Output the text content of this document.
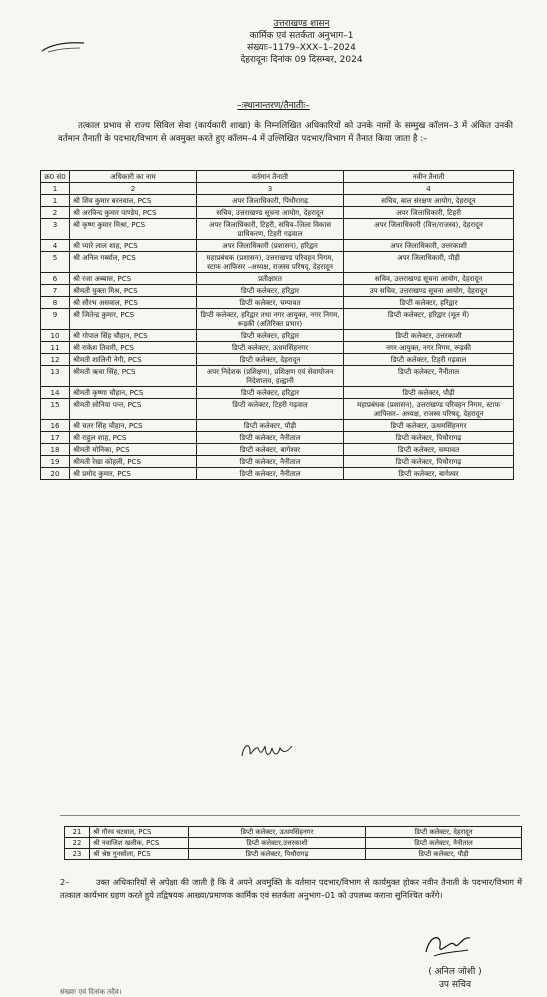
उत्तराखण्ड शासन
कार्मिक एवं सतर्कता अनुभाग–1
संख्याः–1179–XXX–1–2024
देहरादूनः दिनांक 09 दिसम्बर, 2024
–ःस्थानान्तरण/तैनातीः–
तत्काल प्रभाव से राज्य सिविल सेवा (कार्यकारी शाखा) के निम्नलिखित अधिकारियों को उनके नामों के सम्मुख कॉलम–3 में अंकित उनकी वर्तमान तैनाती के पदभार/विभाग से अवमुक्त करते हुए कॉलम–4 में उल्लिखित पदभार/विभाग में तैनात किया जाता है :–
क्र0 सं0	अधिकारी का नाम	वर्तमान तैनाती	नवीन तैनाती
1	2	3	4
1	श्री शिव कुमार बरनवाल, PCS	अपर जिलाधिकारी, पिथौरागढ़	सचिव, बाल संरक्षण आयोग, देहरादून
2	श्री अरविन्द कुमार पाण्डेय, PCS	सचिव, उत्तराखण्ड सूचना आयोग, देहरादून	अपर जिलाधिकारी, टिहरी
3	श्री कृष्ण कुमार मिश्रा, PCS	अपर जिलाधिकारी, टिहरी, सचिव–जिला विकास प्राधिकरण, टिहरी गढ़वाल	अपर जिलाधिकारी (वित्त/राजस्व), देहरादून
4	श्री प्यारे लाल शाह, PCS	अपर जिलाधिकारी (प्रशासन), हरिद्वार	अपर जिलाधिकारी, उत्तरकाशी
5	श्री अनिल गर्ब्याल, PCS	महाप्रबंधक (प्रशासन), उत्तराखण्ड परिवहन निगम, स्टाफ आफिसर –अध्यक्ष, राजस्व परिषद्, देहरादून	अपर जिलाधिकारी, पौड़ी
6	श्री रजा अब्बास, PCS	प्रतीक्षारत	सचिव, उत्तराखण्ड सूचना आयोग, देहरादून
7	श्रीमती युक्ता मिश्र, PCS	डिप्टी कलेक्टर, हरिद्वार	उप सचिव, उत्तराखण्ड सूचना आयोग, देहरादून
8	श्री सौरभ असवाल, PCS	डिप्टी कलेक्टर, चम्पावत	डिप्टी कलेक्टर, हरिद्वार
9	श्री जितेन्द्र कुमार, PCS	डिप्टी कलेक्टर, हरिद्वार तथा नगर आयुक्त, नगर निगम, रूड़की (अतिरिक्त प्रभार)	डिप्टी कलेक्टर, हरिद्वार (मूल में)
10	श्री गोपाल सिंह चौहान, PCS	डिप्टी कलेक्टर, हरिद्वार	डिप्टी कलेक्टर, उत्तरकाशी
11	श्री राकेश तिवारी, PCS	डिप्टी कलेक्टर, ऊधमसिंहनगर	नगर आयुक्त, नगर निगम, रूड़की
12	श्रीमती शालिनी नेगी, PCS	डिप्टी कलेक्टर, देहरादून	डिप्टी कलेक्टर, टिहरी गढ़वाल
13	श्रीमती ऋचा सिंह, PCS	अपर निदेशक (प्रशिक्षण), प्रशिक्षण एवं सेवायोजन निदेशालय, हल्द्वानी	डिप्टी कलेक्टर, नैनीताल
14	श्रीमती कृष्णा चौहान, PCS	डिप्टी कलेक्टर, हरिद्वार	डिप्टी कलेक्टर, पौड़ी
15	श्रीमती सोनिया पन्त, PCS	डिप्टी कलेक्टर, टिहरी गढ़वाल	महाप्रबंधक (प्रशासन), उत्तराखण्ड परिवहन निगम, स्टाफ आफिसर– अध्यक्ष, राजस्व परिषद्, देहरादून
16	श्री चतर सिंह चौहान, PCS	डिप्टी कलेक्टर, पौड़ी	डिप्टी कलेक्टर, ऊधमसिंहनगर
17	श्री राहुल शाह, PCS	डिप्टी कलेक्टर, नैनीताल	डिप्टी कलेक्टर, पिथौरागढ़
18	श्रीमती मोनिका, PCS	डिप्टी कलेक्टर, बागेश्वर	डिप्टी कलेक्टर, चम्पावत
19	श्रीमती रेखा कोहली, PCS	डिप्टी कलेक्टर, नैनीताल	डिप्टी कलेक्टर, पिथौरागढ़
20	श्री प्रमोद कुमार, PCS	डिप्टी कलेक्टर, नैनीताल	डिप्टी कलेक्टर, बागेश्वर
21	श्री गौरव चटवाल, PCS	डिप्टी कलेक्टर, ऊधमसिंहनगर	डिप्टी कलेक्टर, देहरादून
22	श्री नवाजिश खलीक, PCS	डिप्टी कलेक्टर,उत्तरकाशी	डिप्टी कलेक्टर, नैनीताल
23	श्री श्रेष्ठ गुनसोला, PCS	डिप्टी कलेक्टर, पिथौरागढ़	डिप्टी कलेक्टर, पौड़ी
2–	उक्त अधिकारियों से अपेक्षा की जाती है कि वे अपने अवमुक्ति के वर्तमान पदभार/विभाग से कार्यमुक्त होकर नवीन तैनाती के पदभार/विभाग में तत्काल कार्यभार ग्रहण करते हुये तद्विषयक आख्या/प्रमाणक कार्मिक एवं सतर्कता अनुभाग–01 को उपलब्ध कराना सुनिश्चित करेंगे।
( अनिल जोशी )
उप सचिव
संख्याः एवं दिनांक तदैव।
